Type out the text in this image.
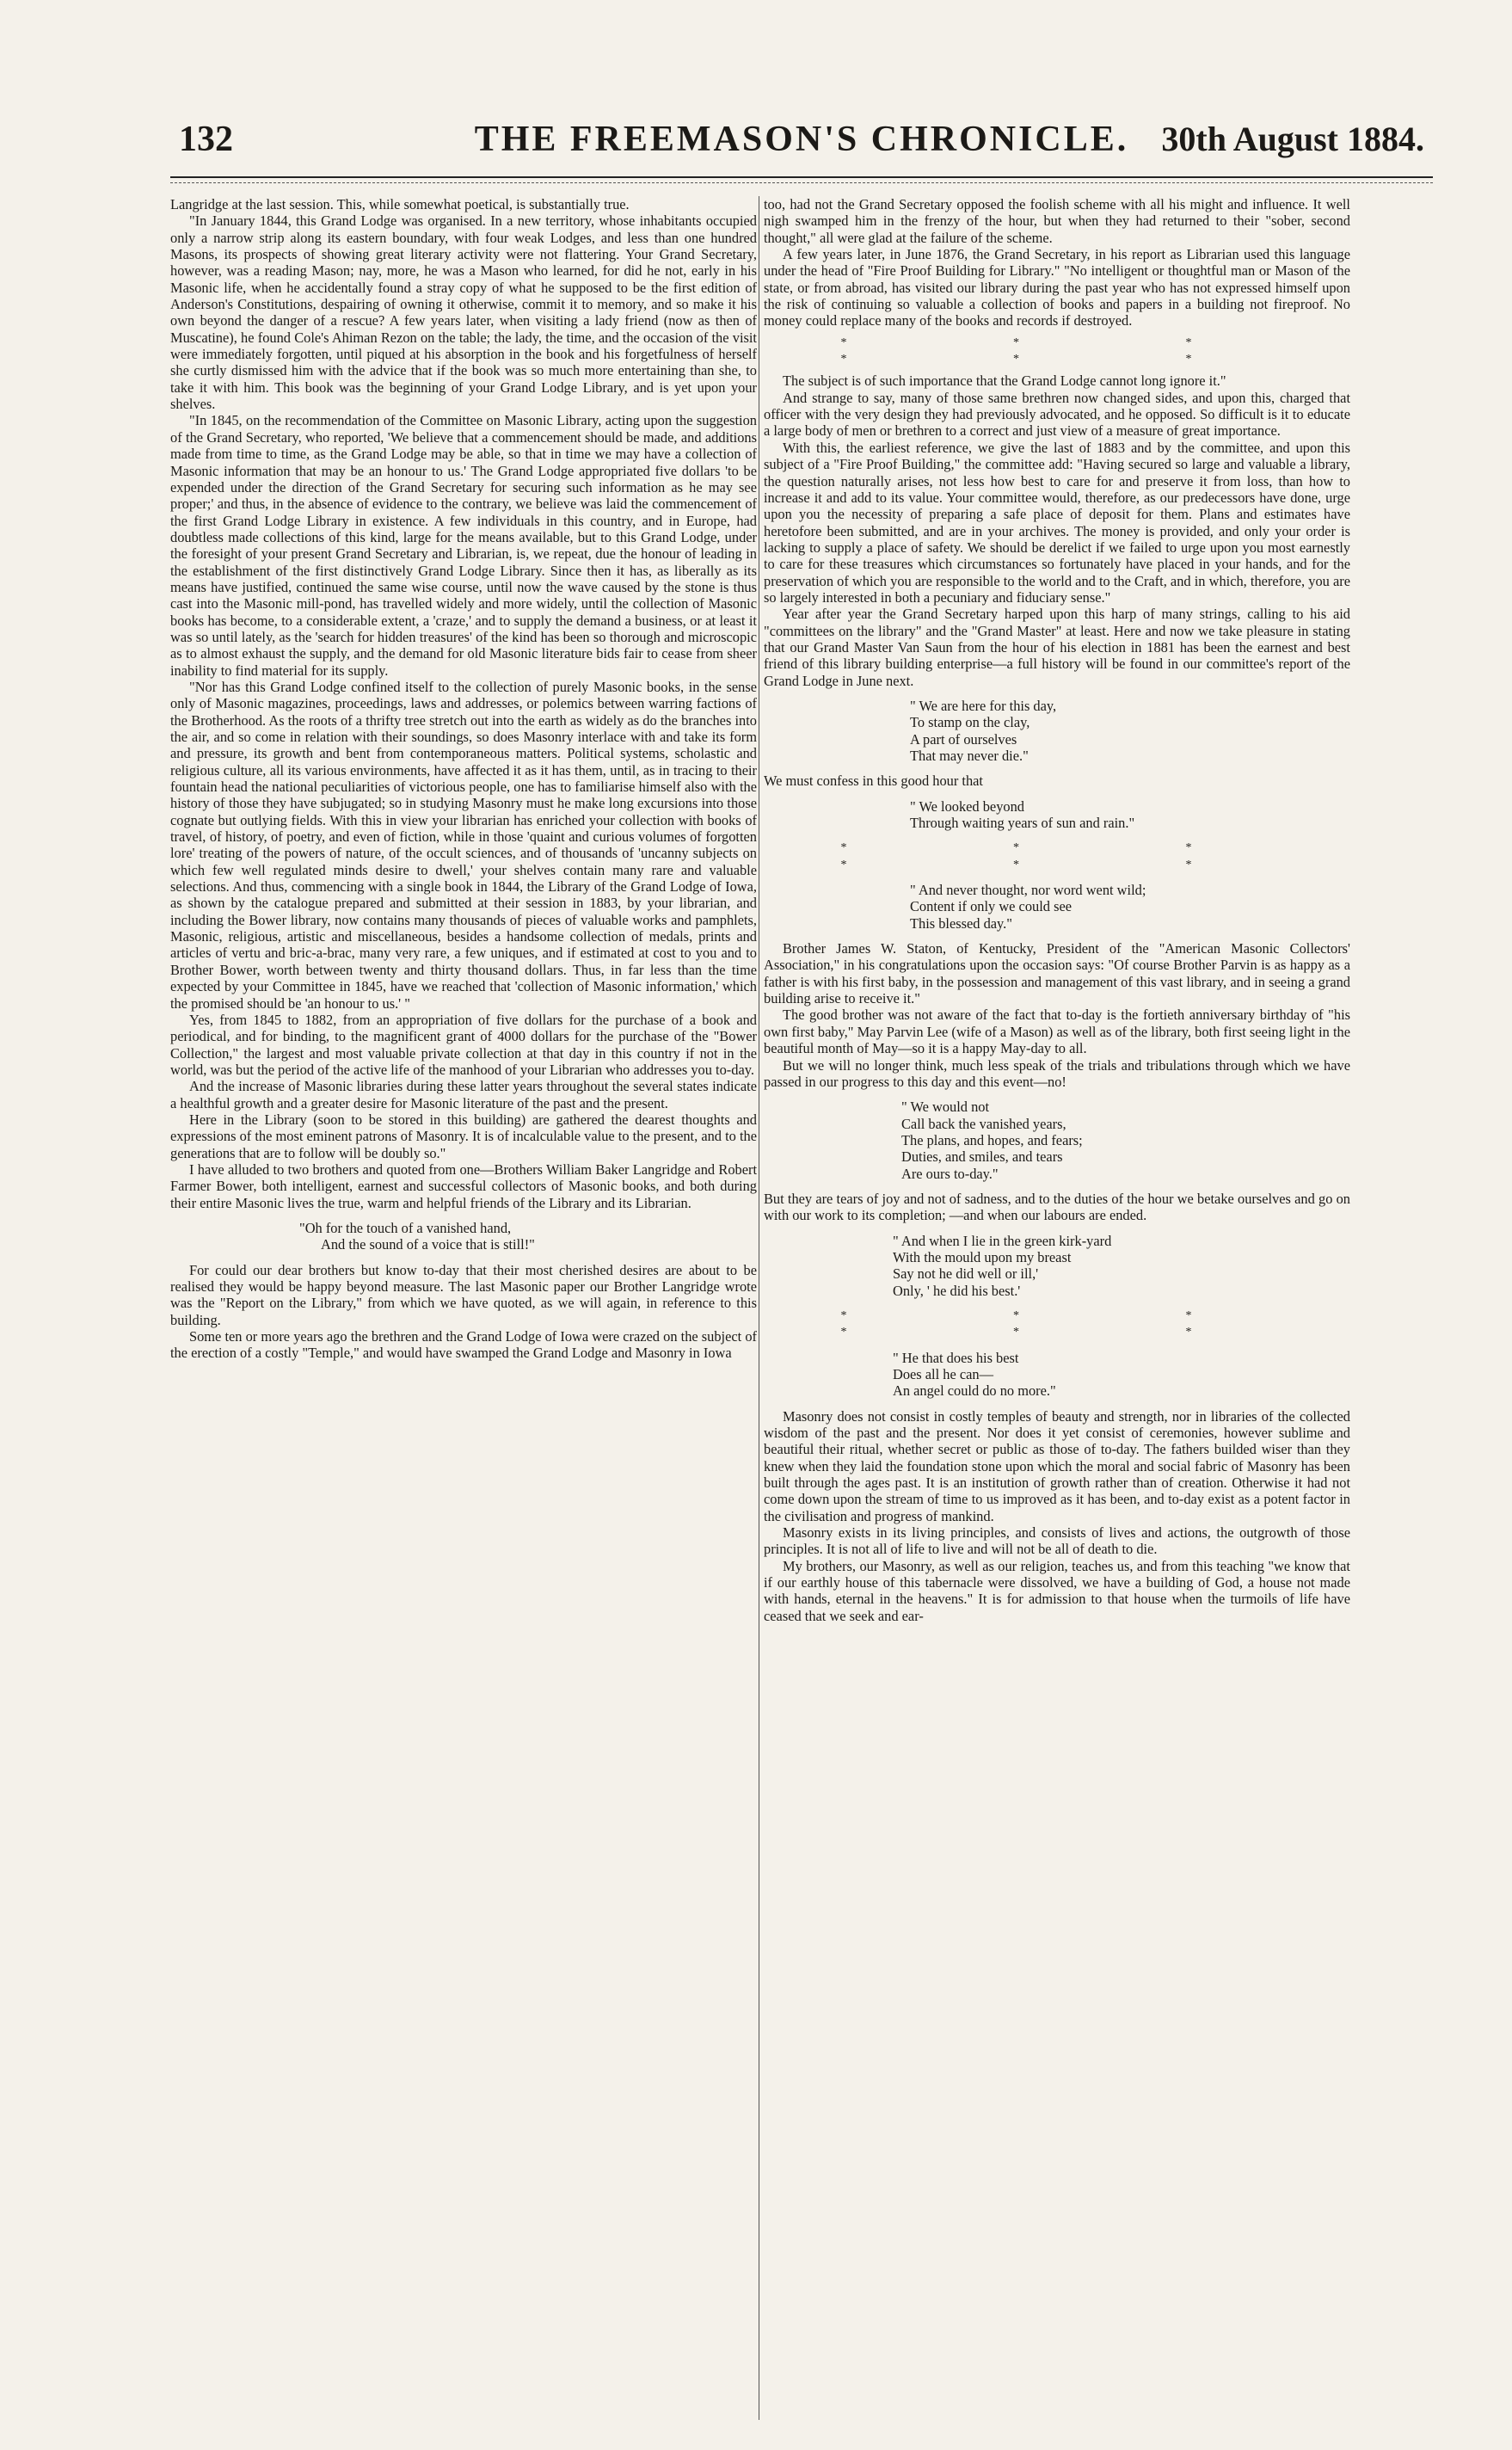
132	THE FREEMASON'S CHRONICLE. 30th August 1884.

Langridge at the last session. This, while somewhat poetical, is substantially true.

"In January 1844, this Grand Lodge was organised. In a new territory, whose inhabitants occupied only a narrow strip along its eastern boundary, with four weak Lodges, and less than one hundred Masons, its prospects of showing great literary activity were not flattering. Your Grand Secretary, however, was a reading Mason; nay, more, he was a Mason who learned, for did he not, early in his Masonic life, when he accidentally found a stray copy of what he supposed to be the first edition of Anderson's Constitutions, despairing of owning it otherwise, commit it to memory, and so make it his own beyond the danger of a rescue? A few years later, when visiting a lady friend (now as then of Muscatine), he found Cole's Ahiman Rezon on the table; the lady, the time, and the occasion of the visit were immediately forgotten, until piqued at his absorption in the book and his forgetfulness of herself she curtly dismissed him with the advice that if the book was so much more entertaining than she, to take it with him. This book was the beginning of your Grand Lodge Library, and is yet upon your shelves.

"In 1845, on the recommendation of the Committee on Masonic Library, acting upon the suggestion of the Grand Secretary, who reported, 'We believe that a commencement should be made, and additions made from time to time, as the Grand Lodge may be able, so that in time we may have a collection of Masonic information that may be an honour to us.' The Grand Lodge appropriated five dollars 'to be expended under the direction of the Grand Secretary for securing such information as he may see proper;' and thus, in the absence of evidence to the contrary, we believe was laid the commencement of the first Grand Lodge Library in existence. A few individuals in this country, and in Europe, had doubtless made collections of this kind, large for the means available, but to this Grand Lodge, under the foresight of your present Grand Secretary and Librarian, is, we repeat, due the honour of leading in the establishment of the first distinctively Grand Lodge Library. Since then it has, as liberally as its means have justified, continued the same wise course, until now the wave caused by the stone is thus cast into the Masonic mill-pond, has travelled widely and more widely, until the collection of Masonic books has become, to a considerable extent, a 'craze,' and to supply the demand a business, or at least it was so until lately, as the 'search for hidden treasures' of the kind has been so thorough and microscopic as to almost exhaust the supply, and the demand for old Masonic literature bids fair to cease from sheer inability to find material for its supply.

"Nor has this Grand Lodge confined itself to the collection of purely Masonic books, in the sense only of Masonic magazines, proceedings, laws and addresses, or polemics between warring factions of the Brotherhood. As the roots of a thrifty tree stretch out into the earth as widely as do the branches into the air, and so come in relation with their soundings, so does Masonry interlace with and take its form and pressure, its growth and bent from contemporaneous matters. Political systems, scholastic and religious culture, all its various environments, have affected it as it has them, until, as in tracing to their fountain head the national peculiarities of victorious people, one has to familiarise himself also with the history of those they have subjugated; so in studying Masonry must he make long excursions into those cognate but outlying fields. With this in view your librarian has enriched your collection with books of travel, of history, of poetry, and even of fiction, while in those 'quaint and curious volumes of forgotten lore' treating of the powers of nature, of the occult sciences, and of thousands of 'uncanny subjects on which few well regulated minds desire to dwell,' your shelves contain many rare and valuable selections. And thus, commencing with a single book in 1844, the Library of the Grand Lodge of Iowa, as shown by the catalogue prepared and submitted at their session in 1883, by your librarian, and including the Bower library, now contains many thousands of pieces of valuable works and pamphlets, Masonic, religious, artistic and miscellaneous, besides a handsome collection of medals, prints and articles of vertu and bric-a-brac, many very rare, a few uniques, and if estimated at cost to you and to Brother Bower, worth between twenty and thirty thousand dollars. Thus, in far less than the time expected by your Committee in 1845, have we reached that 'collection of Masonic information,' which the promised should be 'an honour to us.' "

Yes, from 1845 to 1882, from an appropriation of five dollars for the purchase of a book and periodical, and for binding, to the magnificent grant of 4000 dollars for the purchase of the "Bower Collection," the largest and most valuable private collection at that day in this country if not in the world, was but the period of the active life of the manhood of your Librarian who addresses you to-day.

And the increase of Masonic libraries during these latter years throughout the several states indicate a healthful growth and a greater desire for Masonic literature of the past and the present.

Here in the Library (soon to be stored in this building) are gathered the dearest thoughts and expressions of the most eminent patrons of Masonry. It is of incalculable value to the present, and to the generations that are to follow will be doubly so."

I have alluded to two brothers and quoted from one—Brothers William Baker Langridge and Robert Farmer Bower, both intelligent, earnest and successful collectors of Masonic books, and both during their entire Masonic lives the true, warm and helpful friends of the Library and its Librarian.

"Oh for the touch of a vanished hand,
And the sound of a voice that is still!"

For could our dear brothers but know to-day that their most cherished desires are about to be realised they would be happy beyond measure. The last Masonic paper our Brother Langridge wrote was the "Report on the Library," from which we have quoted, as we will again, in reference to this building.

Some ten or more years ago the brethren and the Grand Lodge of Iowa were crazed on the subject of the erection of a costly "Temple," and would have swamped the Grand Lodge and Masonry in Iowa

too, had not the Grand Secretary opposed the foolish scheme with all his might and influence. It well nigh swamped him in the frenzy of the hour, but when they had returned to their "sober, second thought," all were glad at the failure of the scheme.

A few years later, in June 1876, the Grand Secretary, in his report as Librarian used this language under the head of "Fire Proof Building for Library." "No intelligent or thoughtful man or Mason of the state, or from abroad, has visited our library during the past year who has not expressed himself upon the risk of continuing so valuable a collection of books and papers in a building not fireproof. No money could replace many of the books and records if destroyed.

* * * * * *

The subject is of such importance that the Grand Lodge cannot long ignore it."

And strange to say, many of those same brethren now changed sides, and upon this, charged that officer with the very design they had previously advocated, and he opposed. So difficult is it to educate a large body of men or brethren to a correct and just view of a measure of great importance.

With this, the earliest reference, we give the last of 1883 and by the committee, and upon this subject of a "Fire Proof Building," the committee add: "Having secured so large and valuable a library, the question naturally arises, not less how best to care for and preserve it from loss, than how to increase it and add to its value. Your committee would, therefore, as our predecessors have done, urge upon you the necessity of preparing a safe place of deposit for them. Plans and estimates have heretofore been submitted, and are in your archives. The money is provided, and only your order is lacking to supply a place of safety. We should be derelict if we failed to urge upon you most earnestly to care for these treasures which circumstances so fortunately have placed in your hands, and for the preservation of which you are responsible to the world and to the Craft, and in which, therefore, you are so largely interested in both a pecuniary and fiduciary sense."

Year after year the Grand Secretary harped upon this harp of many strings, calling to his aid "committees on the library" and the "Grand Master" at least. Here and now we take pleasure in stating that our Grand Master Van Saun from the hour of his election in 1881 has been the earnest and best friend of this library building enterprise—a full history will be found in our committee's report of the Grand Lodge in June next.

" We are here for this day,
To stamp on the clay,
A part of ourselves
That may never die."

We must confess in this good hour that

" We looked beyond
Through waiting years of sun and rain."
* * * * * *
" And never thought, nor word went wild;
Content if only we could see
This blessed day."

Brother James W. Staton, of Kentucky, President of the "American Masonic Collectors' Association," in his congratulations upon the occasion says: "Of course Brother Parvin is as happy as a father is with his first baby, in the possession and management of this vast library, and in seeing a grand building arise to receive it."

The good brother was not aware of the fact that to-day is the fortieth anniversary birthday of "his own first baby," May Parvin Lee (wife of a Mason) as well as of the library, both first seeing light in the beautiful month of May—so it is a happy May-day to all.

But we will no longer think, much less speak of the trials and tribulations through which we have passed in our progress to this day and this event—no!

" We would not
Call back the vanished years,
The plans, and hopes, and fears;
Duties, and smiles, and tears
Are ours to-day."

But they are tears of joy and not of sadness, and to the duties of the hour we betake ourselves and go on with our work to its completion; —and when our labours are ended.

" And when I lie in the green kirk-yard
With the mould upon my breast
Say not he did well or ill,'
Only, ' he did his best.'
* * * * * *
" He that does his best
Does all he can—
An angel could do no more."

Masonry does not consist in costly temples of beauty and strength, nor in libraries of the collected wisdom of the past and the present. Nor does it yet consist of ceremonies, however sublime and beautiful their ritual, whether secret or public as those of to-day. The fathers builded wiser than they knew when they laid the foundation stone upon which the moral and social fabric of Masonry has been built through the ages past. It is an institution of growth rather than of creation. Otherwise it had not come down upon the stream of time to us improved as it has been, and to-day exist as a potent factor in the civilisation and progress of mankind.

Masonry exists in its living principles, and consists of lives and actions, the outgrowth of those principles. It is not all of life to live and will not be all of death to die.

My brothers, our Masonry, as well as our religion, teaches us, and from this teaching "we know that if our earthly house of this tabernacle were dissolved, we have a building of God, a house not made with hands, eternal in the heavens." It is for admission to that house when the turmoils of life have ceased that we seek and ear-
